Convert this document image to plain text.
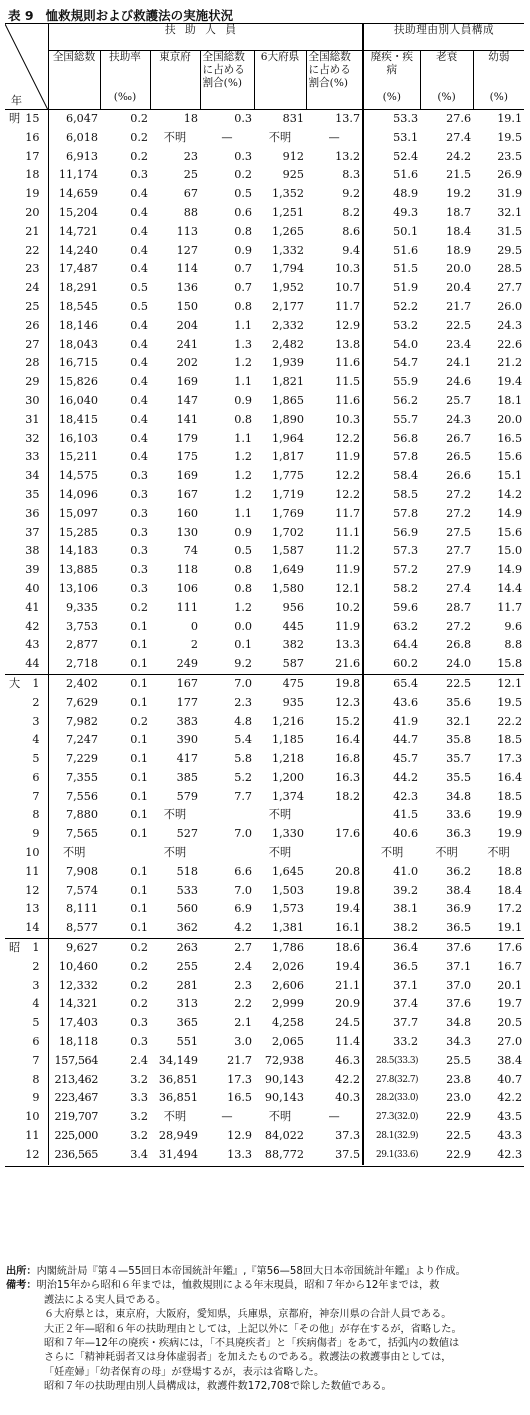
表 9 恤救規則および救護法の実施状況
年	扶助人員						扶助理由別人員構成		
	全国総数	扶助率	東京府	全国総数に占める割合(%)	6大府県	全国総数に占める割合(%)	廃疾・疾病	老衰	幼弱
		(‰)					(%)	(%)	(%)

明 15	6,047	0.2	18	0.3	831	13.7	53.3	27.6	19.1
16	6,018	0.2	不明	—	不明	—	53.1	27.4	19.5
17	6,913	0.2	23	0.3	912	13.2	52.4	24.2	23.5
18	11,174	0.3	25	0.2	925	8.3	51.6	21.5	26.9
19	14,659	0.4	67	0.5	1,352	9.2	48.9	19.2	31.9
20	15,204	0.4	88	0.6	1,251	8.2	49.3	18.7	32.1
21	14,721	0.4	113	0.8	1,265	8.6	50.1	18.4	31.5
22	14,240	0.4	127	0.9	1,332	9.4	51.6	18.9	29.5
23	17,487	0.4	114	0.7	1,794	10.3	51.5	20.0	28.5
24	18,291	0.5	136	0.7	1,952	10.7	51.9	20.4	27.7
25	18,545	0.5	150	0.8	2,177	11.7	52.2	21.7	26.0
26	18,146	0.4	204	1.1	2,332	12.9	53.2	22.5	24.3
27	18,043	0.4	241	1.3	2,482	13.8	54.0	23.4	22.6
28	16,715	0.4	202	1.2	1,939	11.6	54.7	24.1	21.2
29	15,826	0.4	169	1.1	1,821	11.5	55.9	24.6	19.4
30	16,040	0.4	147	0.9	1,865	11.6	56.2	25.7	18.1
31	18,415	0.4	141	0.8	1,890	10.3	55.7	24.3	20.0
32	16,103	0.4	179	1.1	1,964	12.2	56.8	26.7	16.5
33	15,211	0.4	175	1.2	1,817	11.9	57.8	26.5	15.6
34	14,575	0.3	169	1.2	1,775	12.2	58.4	26.6	15.1
35	14,096	0.3	167	1.2	1,719	12.2	58.5	27.2	14.2
36	15,097	0.3	160	1.1	1,769	11.7	57.8	27.2	14.9
37	15,285	0.3	130	0.9	1,702	11.1	56.9	27.5	15.6
38	14,183	0.3	74	0.5	1,587	11.2	57.3	27.7	15.0
39	13,885	0.3	118	0.8	1,649	11.9	57.2	27.9	14.9
40	13,106	0.3	106	0.8	1,580	12.1	58.2	27.4	14.4
41	9,335	0.2	111	1.2	956	10.2	59.6	28.7	11.7
42	3,753	0.1	0	0.0	445	11.9	63.2	27.2	9.6
43	2,877	0.1	2	0.1	382	13.3	64.4	26.8	8.8
44	2,718	0.1	249	9.2	587	21.6	60.2	24.0	15.8

大 1	2,402	0.1	167	7.0	475	19.8	65.4	22.5	12.1
2	7,629	0.1	177	2.3	935	12.3	43.6	35.6	19.5
3	7,982	0.2	383	4.8	1,216	15.2	41.9	32.1	22.2
4	7,247	0.1	390	5.4	1,185	16.4	44.7	35.8	18.5
5	7,229	0.1	417	5.8	1,218	16.8	45.7	35.7	17.3
6	7,355	0.1	385	5.2	1,200	16.3	44.2	35.5	16.4
7	7,556	0.1	579	7.7	1,374	18.2	42.3	34.8	18.5
8	7,880	0.1	不明		不明		41.5	33.6	19.9
9	7,565	0.1	527	7.0	1,330	17.6	40.6	36.3	19.9
10	不明		不明		不明		不明	不明	不明
11	7,908	0.1	518	6.6	1,645	20.8	41.0	36.2	18.8
12	7,574	0.1	533	7.0	1,503	19.8	39.2	38.4	18.4
13	8,111	0.1	560	6.9	1,573	19.4	38.1	36.9	17.2
14	8,577	0.1	362	4.2	1,381	16.1	38.2	36.5	19.1

昭 1	9,627	0.2	263	2.7	1,786	18.6	36.4	37.6	17.6
2	10,460	0.2	255	2.4	2,026	19.4	36.5	37.1	16.7
3	12,332	0.2	281	2.3	2,606	21.1	37.1	37.0	20.1
4	14,321	0.2	313	2.2	2,999	20.9	37.4	37.6	19.7
5	17,403	0.3	365	2.1	4,258	24.5	37.7	34.8	20.5
6	18,118	0.3	551	3.0	2,065	11.4	33.2	34.3	27.0
7	157,564	2.4	34,149	21.7	72,938	46.3	28.5(33.3)	25.5	38.4
8	213,462	3.2	36,851	17.3	90,143	42.2	27.8(32.7)	23.8	40.7
9	223,467	3.3	36,851	16.5	90,143	40.3	28.2(33.0)	23.0	42.2
10	219,707	3.2	不明	—	不明	—	27.3(32.0)	22.9	43.5
11	225,000	3.2	28,949	12.9	84,022	37.3	28.1(32.9)	22.5	43.3
12	236,565	3.4	31,494	13.3	88,772	37.5	29.1(33.6)	22.9	42.3

出所：内閣統計局『第４—55回日本帝国統計年鑑』,『第56—58回大日本帝国統計年鑑』より作成。

備考：明治15年から昭和６年までは，恤救規則による年末現員，昭和７年から12年までは，救

護法による実人員である。

６大府県とは，東京府，大阪府，愛知県，兵庫県，京都府，神奈川県の合計人員である。

大正２年—昭和６年の扶助理由としては，上記以外に「その他」が存在するが，省略した。

昭和７年—12年の廃疾・疾病には，「不具廃疾者」と「疾病傷者」をあて，括弧内の数値は

さらに「精神耗弱者又は身体虚弱者」を加えたものである。救護法の救護事由としては，

「妊産婦」「幼者保育の母」が登場するが，表示は省略した。

昭和７年の扶助理由別人員構成は，救護件数172,708で除した数値である。
